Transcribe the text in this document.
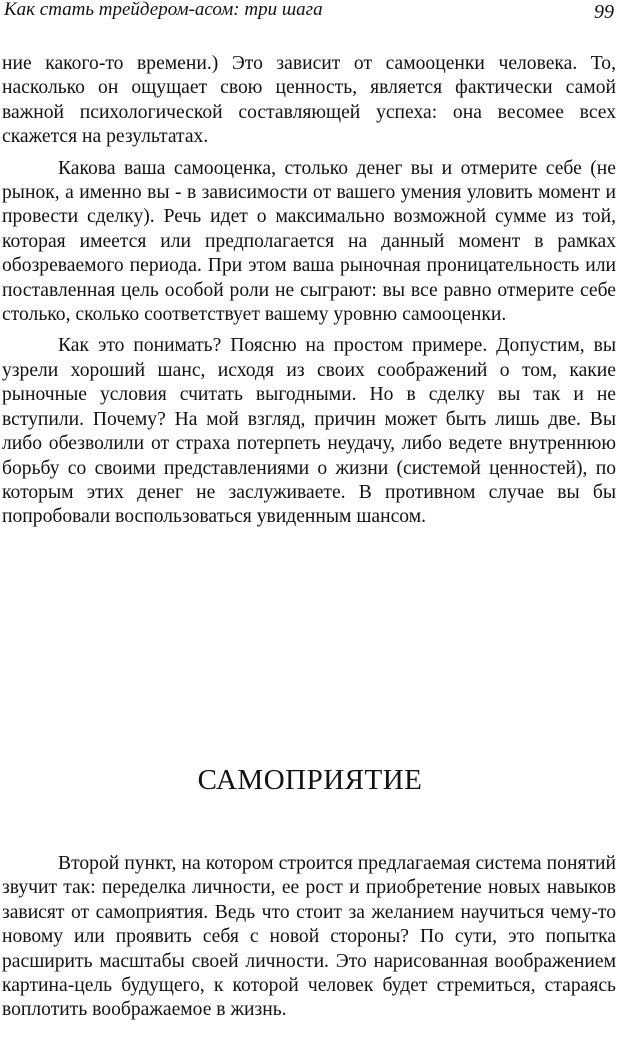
Как стать трейдером-асом: три шага	99

ние какого-то времени.) Это зависит от самооценки человека. То, насколько он ощущает свою ценность, является фактически самой важной психологической составляющей успеха: она весомее всех скажется на результатах.

Какова ваша самооценка, столько денег вы и отмерите себе (не рынок, а именно вы - в зависимости от вашего умения уловить момент и провести сделку). Речь идет о максимально возможной сумме из той, которая имеется или предполагается на данный момент в рамках обозреваемого периода. При этом ваша рыночная проницательность или поставленная цель особой роли не сыграют: вы все равно отмерите себе столько, сколько соответствует вашему уровню самооценки.

Как это понимать? Поясню на простом примере. Допустим, вы узрели хороший шанс, исходя из своих соображений о том, какие рыночные условия считать выгодными. Но в сделку вы так и не вступили. Почему? На мой взгляд, причин может быть лишь две. Вы либо обезволили от страха потерпеть неудачу, либо ведете внутреннюю борьбу со своими представлениями о жизни (системой ценностей), по которым этих денег не заслуживаете. В противном случае вы бы попробовали воспользоваться увиденным шансом.

САМОПРИЯТИЕ

Второй пункт, на котором строится предлагаемая система понятий звучит так: переделка личности, ее рост и приобретение новых навыков зависят от самоприятия. Ведь что стоит за желанием научиться чему-то новому или проявить себя с новой стороны? По сути, это попытка расширить масштабы своей личности. Это нарисованная воображением картина-цель будущего, к которой человек будет стремиться, стараясь воплотить воображаемое в жизнь.
